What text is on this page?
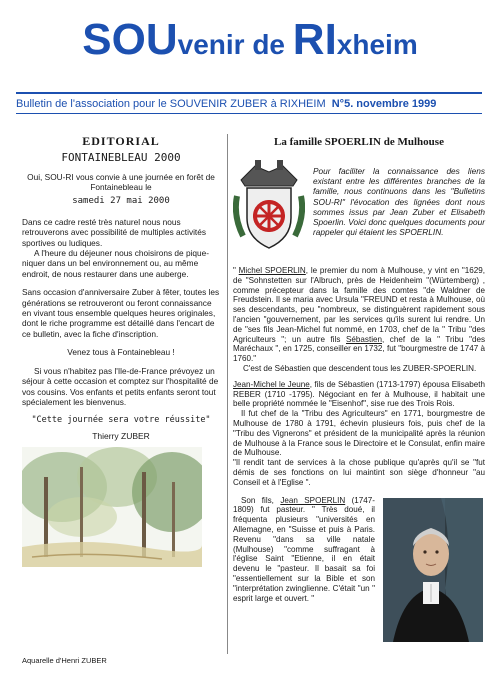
SOUvenir de RIxheim
Bulletin de l'association pour le SOUVENIR ZUBER à RIXHEIM N°5. novembre 1999
EDITORIAL
FONTAINEBLEAU 2000

Oui, SOU-RI vous convie à une journée en forêt de Fontainebleau le

samedi 27 mai 2000

Dans ce cadre resté très naturel nous nous retrouverons avec possibilité de multiples activités sportives ou ludiques.

A l'heure du déjeuner nous choisirons de pique-niquer dans un bel environnement ou, au même endroit, de nous restaurer dans une auberge.

Sans occasion d'anniversaire Zuber à fêter, toutes les générations se retrouveront ou feront connaissance en vivant tous ensemble quelques heures originales, dont le riche programme est détaillé dans l'encart de ce bulletin, avec la fiche d'inscription.

Venez tous à Fontainebleau !

Si vous n'habitez pas l'Ile-de-France prévoyez un séjour à cette occasion et comptez sur l'hospitalité de vos cousins. Vos enfants et petits enfants seront tout spécialement les bienvenus.

"Cette journée sera votre réussite"
Thierry ZUBER
Aquarelle d'Henri ZUBER
La famille SPOERLIN de Mulhouse

Pour faciliter la connaissance des liens existant entre les différentes branches de la famille, nous continuons dans les "Bulletins SOU-RI" l'évocation des lignées dont nous sommes issus par Jean Zuber et Elisabeth Spoerlin. Voici donc quelques documents pour rappeler qui étaient les SPOERLIN.

" Michel SPOERLIN, le premier du nom à Mulhouse, y vint en "1629, de "Sohnstetten sur l'Albruch, près de Heidenheim "(Würtemberg) , comme précepteur dans la famille des comtes "de Waldner de Freudstein. Il se maria avec Ursula "FREUND et resta à Mulhouse, où ses descendants, peu "nombreux, se distinguèrent rapidement sous l'ancien "gouvernement, par les services qu'ils surent lui rendre. Un de "ses fils Jean-Michel fut nommé, en 1703, chef de la " Tribu "des Agriculteurs "; un autre fils Sébastien, chef de la " Tribu "des Maréchaux ", en 1725, conseiller en 1732, fut "bourgmestre de 1747 à 1760."

C'est de Sébastien que descendent tous les ZUBER-SPOERLIN.

Jean-Michel le Jeune, fils de Sébastien (1713-1797) épousa Elisabeth REBER (1710 -1795). Négociant en fer à Mulhouse, il habitait une belle propriété nommée le "Eisenhof", sise rue des Trois Rois.

Il fut chef de la "Tribu des Agriculteurs" en 1771, bourgmestre de Mulhouse de 1780 à 1791, échevin plusieurs fois, puis chef de la "Tribu des Vignerons" et président de la municipalité après la réunion de Mulhouse à la France sous le Directoire et le Consulat, enfin maire de Mulhouse.

"Il rendit tant de services à la chose publique qu'après qu'il se "fut démis de ses fonctions on lui maintint son siège d'honneur "au Conseil et à l'Eglise ".

Son fils, Jean SPOERLIN (1747-1809) fut pasteur. " Très doué, il fréquenta plusieurs "universités en Allemagne, en "Suisse et puis à Paris. Revenu "dans sa ville natale (Mulhouse) "comme suffragant à l'église Saint "Etienne, il en était devenu le "pasteur. Il basait sa foi "essentiellement sur la Bible et son "interprétation zwinglienne. C'était "un " esprit large et ouvert. "
